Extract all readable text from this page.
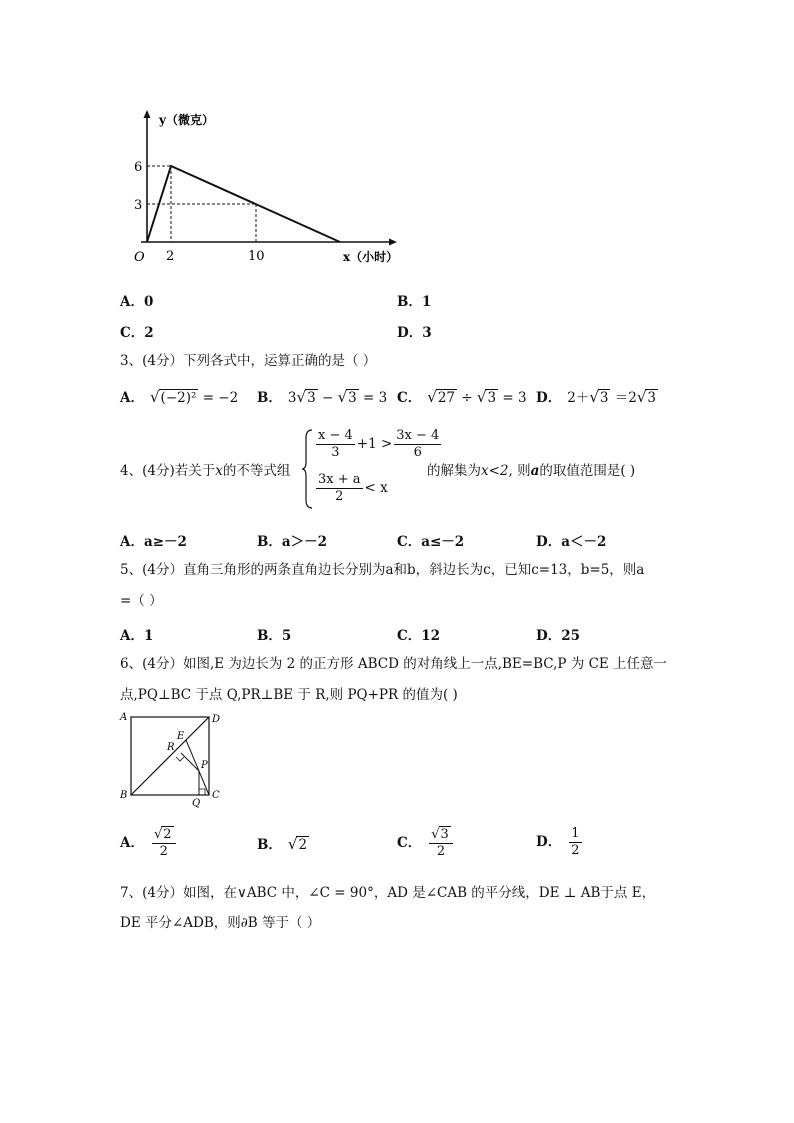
y（微克）
x（小时）
O
6
3
2	10
A．0	B．1
C．2	D．3
3、(4分）下列各式中，运算正确的是（ ）
A． √(−2)² = −2 B． 3√3 − √3 = 3 C． √27 ÷ √3 = 3 D． 2＋√3 ＝2√3
4、(4分)若关于x的不等式组
$\frac{x - 4}{3} +1 > \frac{3x - 4}{6}$
$\frac{3x + a}{2} < x$
的解集为x<2, 则a的取值范围是( )
A．a≥－2	B．a＞－2	C．a≤－2	D．a＜－2
5、(4分）直角三角形的两条直角边长分别为a和b，斜边长为c，已知c=13，b=5，则a
=（ ）
A．1	B．5	C．12	D．25
6、(4分）如图,E 为边长为 2 的正方形 ABCD 的对角线上一点,BE=BC,P 为 CE 上任意一
点,PQ⊥BC 于点 Q,PR⊥BE 于 R,则 PQ+PR 的值为( )
A	D
B	C
E
R
P
Q
A． $\frac{√2}{2}$	B． √2	C． $\frac{√3}{2}$	D． $\frac{1}{2}$
7、(4分）如图，在∨ABC 中，∠C = 90°，AD 是∠CAB 的平分线，DE ⊥ AB于点 E，
DE 平分∠ADB，则∂B 等于（ ）
